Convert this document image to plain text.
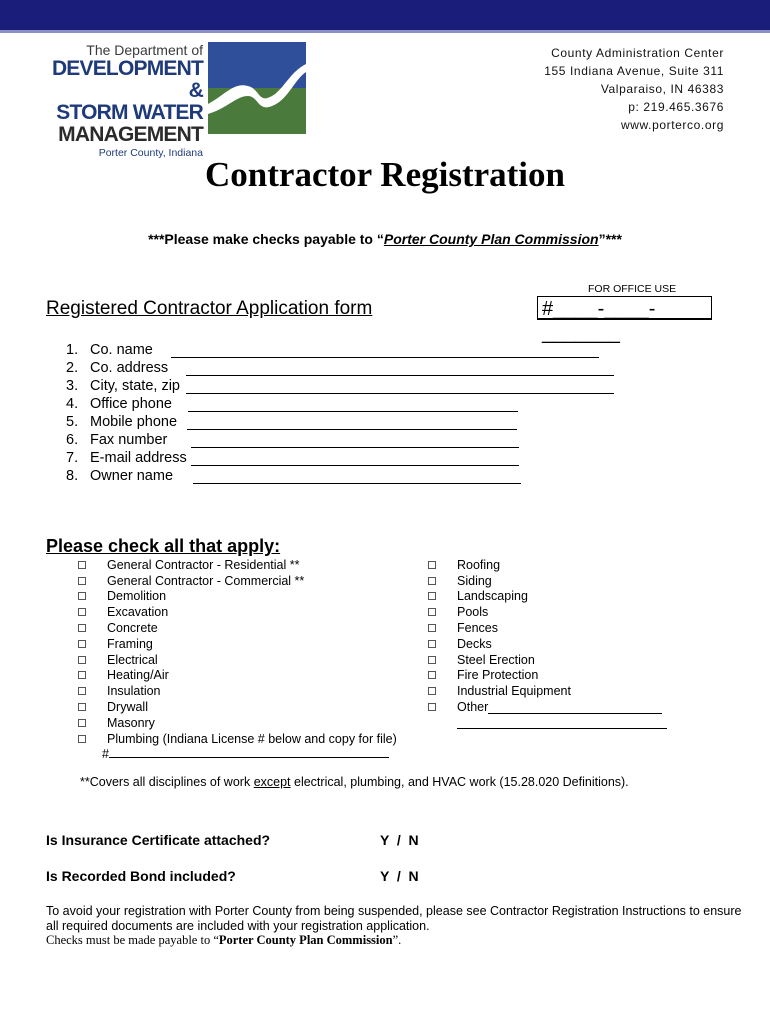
The Department of
DEVELOPMENT &
STORM WATER
MANAGEMENT
Porter County, Indiana
County Administration Center
155 Indiana Avenue, Suite 311
Valparaiso, IN 46383
p: 219.465.3676
www.porterco.org
Contractor Registration
***Please make checks payable to “Porter County Plan Commission”***
FOR OFFICE USE
#____-____-_______
Registered Contractor Application form
1. Co. name
2. Co. address
3. City, state, zip
4. Office phone
5. Mobile phone
6. Fax number
7. E-mail address
8. Owner name
Please check all that apply:
General Contractor - Residential **
General Contractor - Commercial **
Demolition
Excavation
Concrete
Framing
Electrical
Heating/Air
Insulation
Drywall
Masonry
Plumbing (Indiana License # below and copy for file)
#
Roofing
Siding
Landscaping
Pools
Fences
Decks
Steel Erection
Fire Protection
Industrial Equipment
Other
**Covers all disciplines of work except electrical, plumbing, and HVAC work (15.28.020 Definitions).
Is Insurance Certificate attached?	Y  /  N
Is Recorded Bond included?	Y  /  N
To avoid your registration with Porter County from being suspended, please see Contractor Registration Instructions to ensure all required documents are included with your registration application.
Checks must be made payable to “Porter County Plan Commission”.
